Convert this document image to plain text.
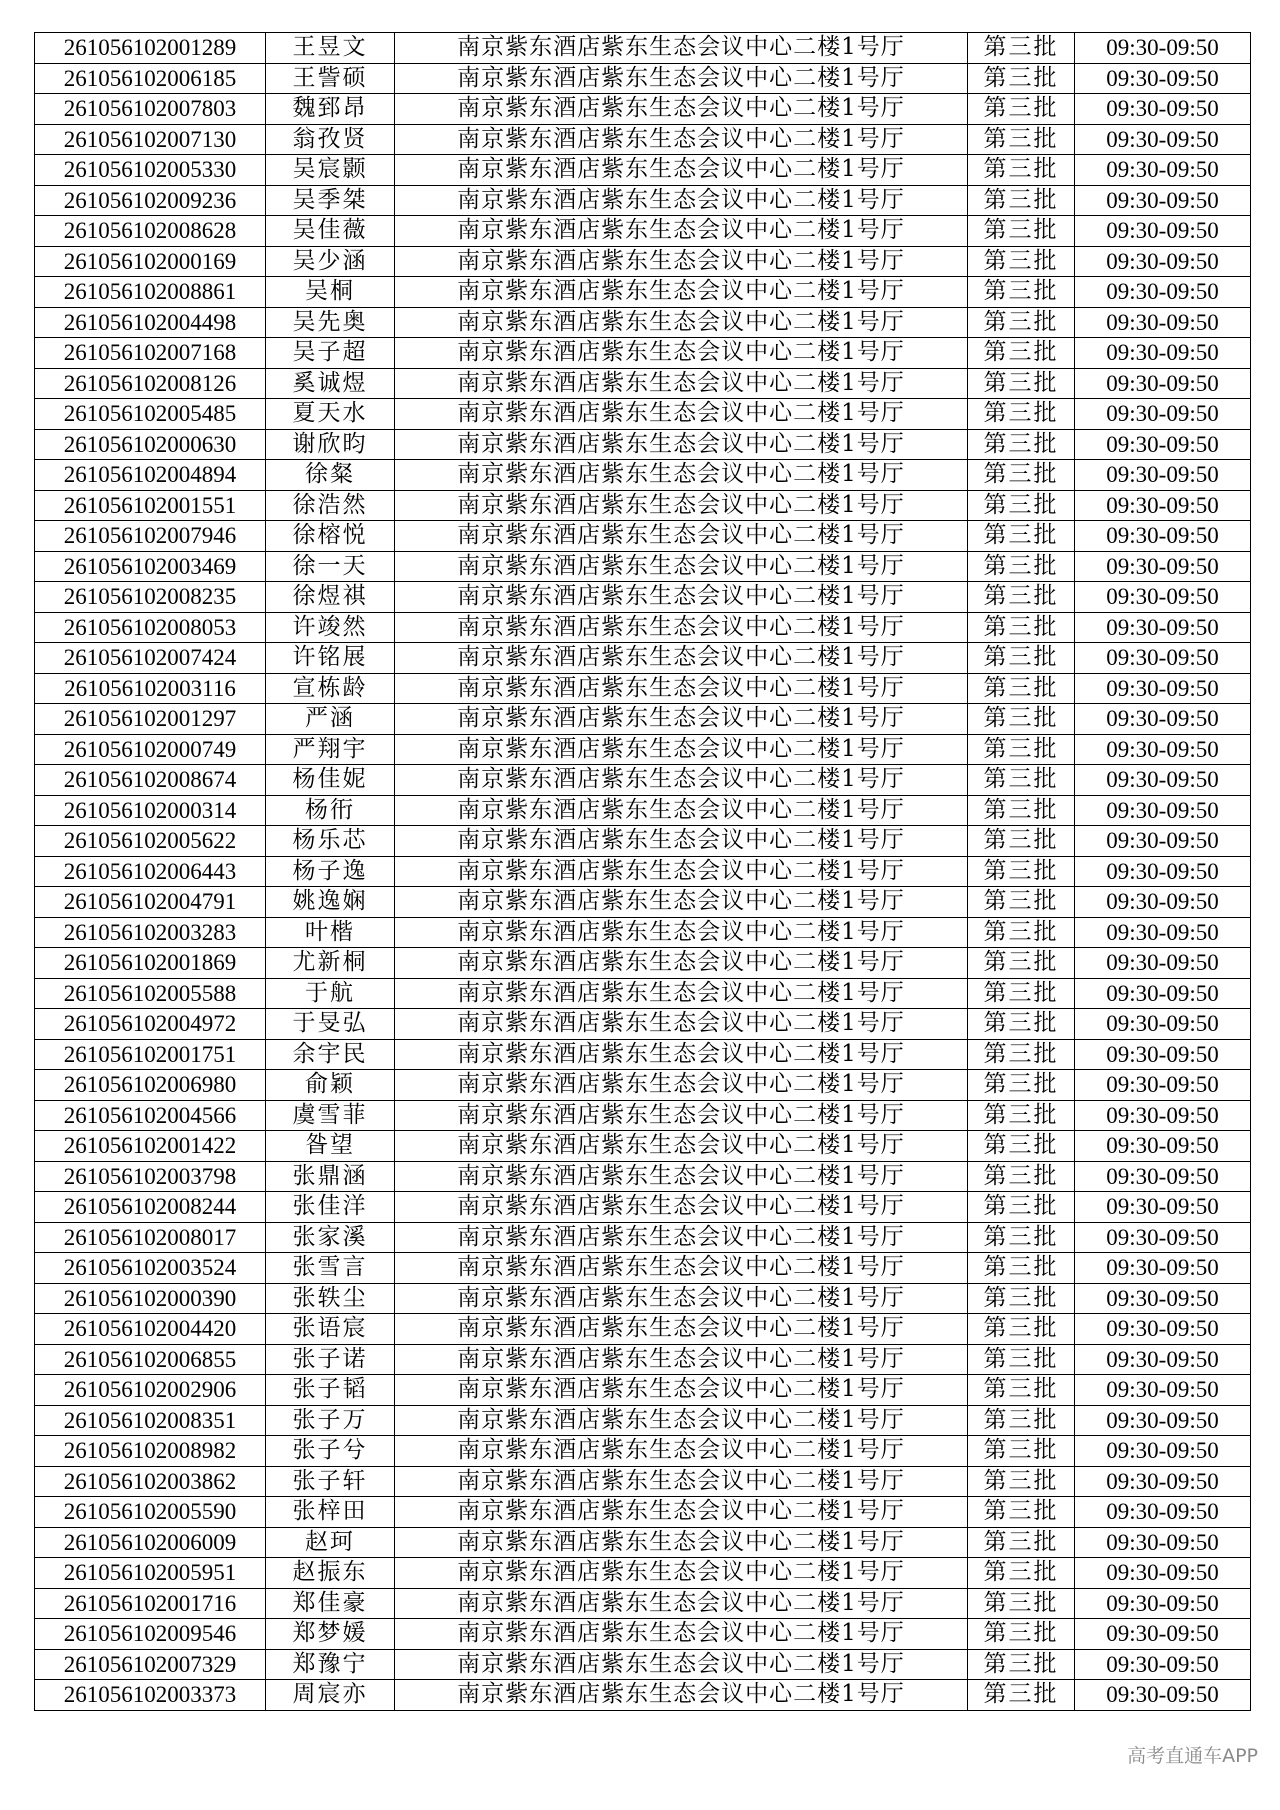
261056102001289	王昱文	南京紫东酒店紫东生态会议中心二楼1号厅	第三批	09:30-09:50
261056102006185	王訾硕	南京紫东酒店紫东生态会议中心二楼1号厅	第三批	09:30-09:50
261056102007803	魏郅昂	南京紫东酒店紫东生态会议中心二楼1号厅	第三批	09:30-09:50
261056102007130	翁孜贤	南京紫东酒店紫东生态会议中心二楼1号厅	第三批	09:30-09:50
261056102005330	吴宸颢	南京紫东酒店紫东生态会议中心二楼1号厅	第三批	09:30-09:50
261056102009236	吴季桀	南京紫东酒店紫东生态会议中心二楼1号厅	第三批	09:30-09:50
261056102008628	吴佳薇	南京紫东酒店紫东生态会议中心二楼1号厅	第三批	09:30-09:50
261056102000169	吴少涵	南京紫东酒店紫东生态会议中心二楼1号厅	第三批	09:30-09:50
261056102008861	吴桐	南京紫东酒店紫东生态会议中心二楼1号厅	第三批	09:30-09:50
261056102004498	吴先奥	南京紫东酒店紫东生态会议中心二楼1号厅	第三批	09:30-09:50
261056102007168	吴子超	南京紫东酒店紫东生态会议中心二楼1号厅	第三批	09:30-09:50
261056102008126	奚诚煜	南京紫东酒店紫东生态会议中心二楼1号厅	第三批	09:30-09:50
261056102005485	夏天水	南京紫东酒店紫东生态会议中心二楼1号厅	第三批	09:30-09:50
261056102000630	谢欣昀	南京紫东酒店紫东生态会议中心二楼1号厅	第三批	09:30-09:50
261056102004894	徐粲	南京紫东酒店紫东生态会议中心二楼1号厅	第三批	09:30-09:50
261056102001551	徐浩然	南京紫东酒店紫东生态会议中心二楼1号厅	第三批	09:30-09:50
261056102007946	徐榕悦	南京紫东酒店紫东生态会议中心二楼1号厅	第三批	09:30-09:50
261056102003469	徐一天	南京紫东酒店紫东生态会议中心二楼1号厅	第三批	09:30-09:50
261056102008235	徐煜祺	南京紫东酒店紫东生态会议中心二楼1号厅	第三批	09:30-09:50
261056102008053	许竣然	南京紫东酒店紫东生态会议中心二楼1号厅	第三批	09:30-09:50
261056102007424	许铭展	南京紫东酒店紫东生态会议中心二楼1号厅	第三批	09:30-09:50
261056102003116	宣栋龄	南京紫东酒店紫东生态会议中心二楼1号厅	第三批	09:30-09:50
261056102001297	严涵	南京紫东酒店紫东生态会议中心二楼1号厅	第三批	09:30-09:50
261056102000749	严翔宇	南京紫东酒店紫东生态会议中心二楼1号厅	第三批	09:30-09:50
261056102008674	杨佳妮	南京紫东酒店紫东生态会议中心二楼1号厅	第三批	09:30-09:50
261056102000314	杨衎	南京紫东酒店紫东生态会议中心二楼1号厅	第三批	09:30-09:50
261056102005622	杨乐芯	南京紫东酒店紫东生态会议中心二楼1号厅	第三批	09:30-09:50
261056102006443	杨子逸	南京紫东酒店紫东生态会议中心二楼1号厅	第三批	09:30-09:50
261056102004791	姚逸娴	南京紫东酒店紫东生态会议中心二楼1号厅	第三批	09:30-09:50
261056102003283	叶楷	南京紫东酒店紫东生态会议中心二楼1号厅	第三批	09:30-09:50
261056102001869	尤新桐	南京紫东酒店紫东生态会议中心二楼1号厅	第三批	09:30-09:50
261056102005588	于航	南京紫东酒店紫东生态会议中心二楼1号厅	第三批	09:30-09:50
261056102004972	于旻弘	南京紫东酒店紫东生态会议中心二楼1号厅	第三批	09:30-09:50
261056102001751	余宇民	南京紫东酒店紫东生态会议中心二楼1号厅	第三批	09:30-09:50
261056102006980	俞颖	南京紫东酒店紫东生态会议中心二楼1号厅	第三批	09:30-09:50
261056102004566	虞雪菲	南京紫东酒店紫东生态会议中心二楼1号厅	第三批	09:30-09:50
261056102001422	昝望	南京紫东酒店紫东生态会议中心二楼1号厅	第三批	09:30-09:50
261056102003798	张鼎涵	南京紫东酒店紫东生态会议中心二楼1号厅	第三批	09:30-09:50
261056102008244	张佳洋	南京紫东酒店紫东生态会议中心二楼1号厅	第三批	09:30-09:50
261056102008017	张家溪	南京紫东酒店紫东生态会议中心二楼1号厅	第三批	09:30-09:50
261056102003524	张雪言	南京紫东酒店紫东生态会议中心二楼1号厅	第三批	09:30-09:50
261056102000390	张轶尘	南京紫东酒店紫东生态会议中心二楼1号厅	第三批	09:30-09:50
261056102004420	张语宸	南京紫东酒店紫东生态会议中心二楼1号厅	第三批	09:30-09:50
261056102006855	张子诺	南京紫东酒店紫东生态会议中心二楼1号厅	第三批	09:30-09:50
261056102002906	张子韬	南京紫东酒店紫东生态会议中心二楼1号厅	第三批	09:30-09:50
261056102008351	张子万	南京紫东酒店紫东生态会议中心二楼1号厅	第三批	09:30-09:50
261056102008982	张子兮	南京紫东酒店紫东生态会议中心二楼1号厅	第三批	09:30-09:50
261056102003862	张子轩	南京紫东酒店紫东生态会议中心二楼1号厅	第三批	09:30-09:50
261056102005590	张梓田	南京紫东酒店紫东生态会议中心二楼1号厅	第三批	09:30-09:50
261056102006009	赵珂	南京紫东酒店紫东生态会议中心二楼1号厅	第三批	09:30-09:50
261056102005951	赵振东	南京紫东酒店紫东生态会议中心二楼1号厅	第三批	09:30-09:50
261056102001716	郑佳豪	南京紫东酒店紫东生态会议中心二楼1号厅	第三批	09:30-09:50
261056102009546	郑梦媛	南京紫东酒店紫东生态会议中心二楼1号厅	第三批	09:30-09:50
261056102007329	郑豫宁	南京紫东酒店紫东生态会议中心二楼1号厅	第三批	09:30-09:50
261056102003373	周宸亦	南京紫东酒店紫东生态会议中心二楼1号厅	第三批	09:30-09:50
高考直通车APP
